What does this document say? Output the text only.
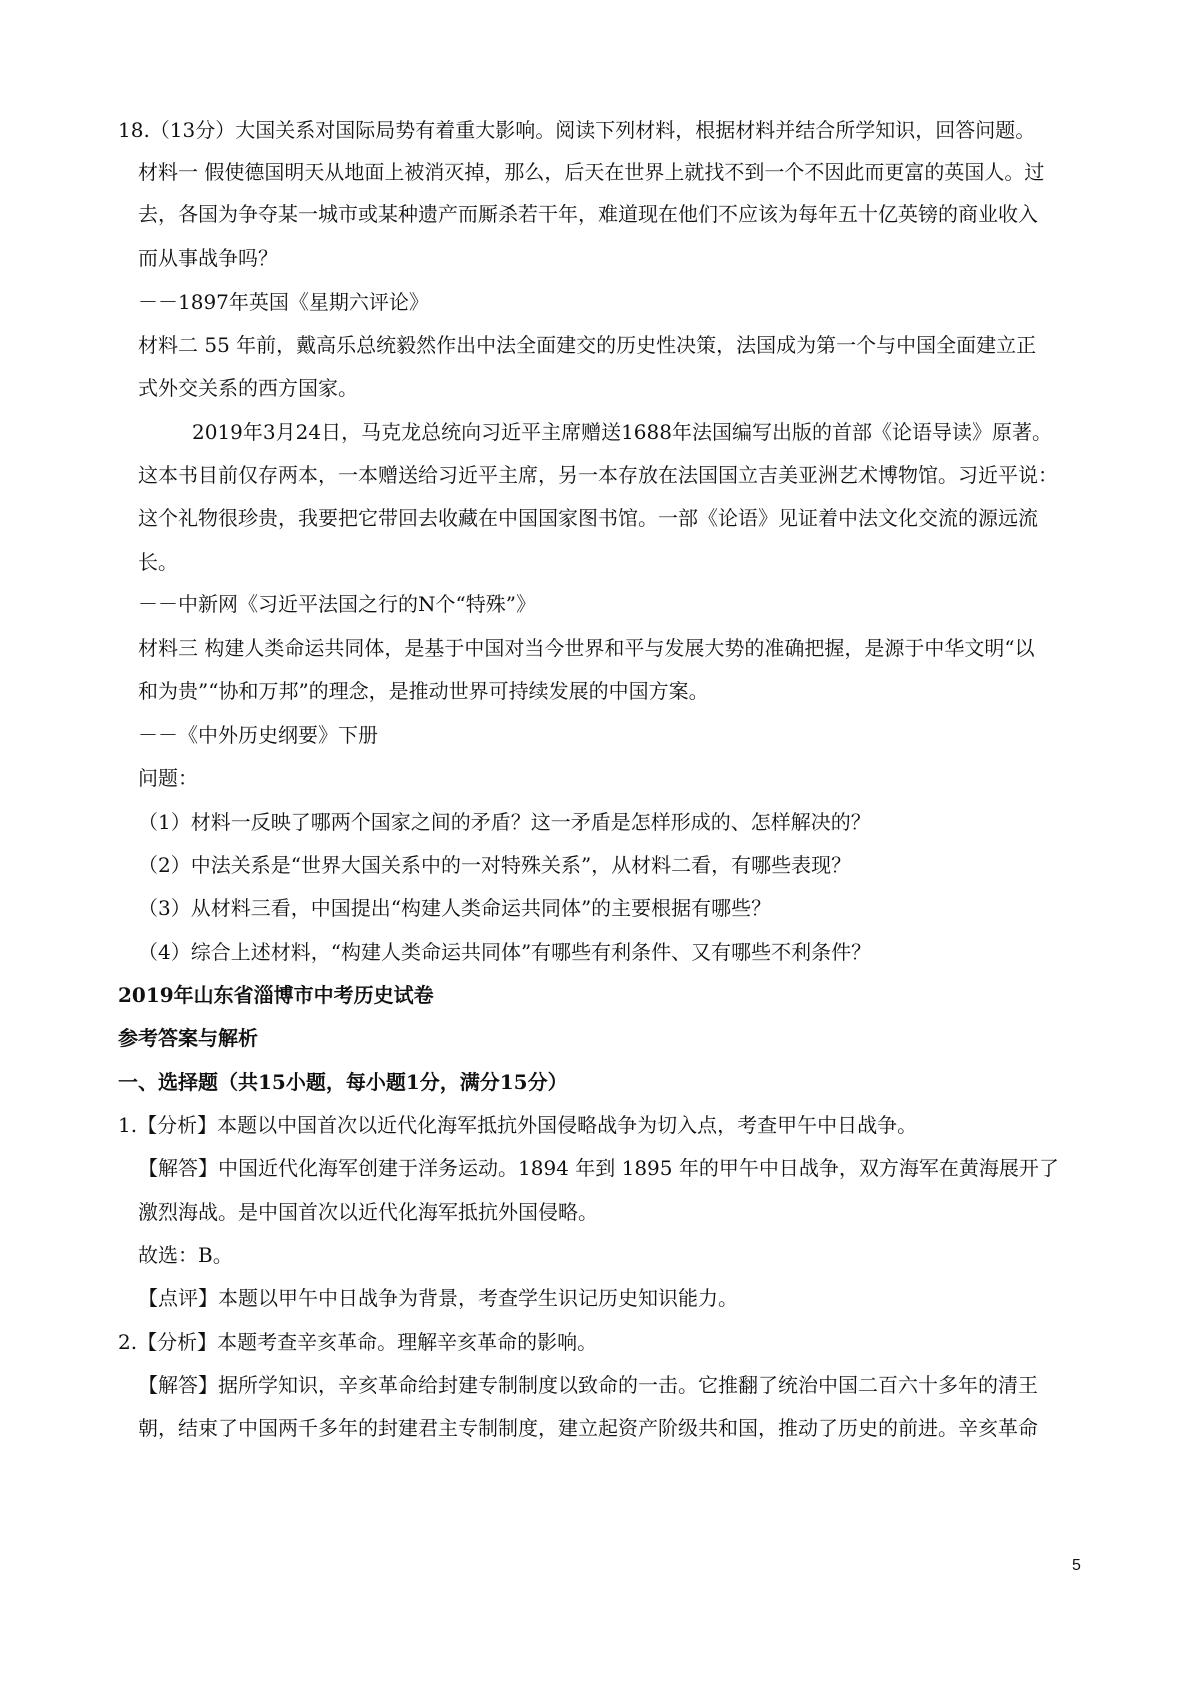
18.（13分）大国关系对国际局势有着重大影响。阅读下列材料，根据材料并结合所学知识，回答问题。
材料一 假使德国明天从地面上被消灭掉，那么，后天在世界上就找不到一个不因此而更富的英国人。过
去，各国为争夺某一城市或某种遗产而厮杀若干年，难道现在他们不应该为每年五十亿英镑的商业收入
而从事战争吗？
－－1897年英国《星期六评论》
材料二 55 年前，戴高乐总统毅然作出中法全面建交的历史性决策，法国成为第一个与中国全面建立正
式外交关系的西方国家。
2019年3月24日，马克龙总统向习近平主席赠送1688年法国编写出版的首部《论语导读》原著。
这本书目前仅存两本，一本赠送给习近平主席，另一本存放在法国国立吉美亚洲艺术博物馆。习近平说：
这个礼物很珍贵，我要把它带回去收藏在中国国家图书馆。一部《论语》见证着中法文化交流的源远流
长。
－－中新网《习近平法国之行的N个“特殊”》
材料三 构建人类命运共同体，是基于中国对当今世界和平与发展大势的准确把握，是源于中华文明“以
和为贵”“协和万邦”的理念，是推动世界可持续发展的中国方案。
－－《中外历史纲要》下册
问题：
（1）材料一反映了哪两个国家之间的矛盾？这一矛盾是怎样形成的、怎样解决的？
（2）中法关系是“世界大国关系中的一对特殊关系”，从材料二看，有哪些表现？
（3）从材料三看，中国提出“构建人类命运共同体”的主要根据有哪些？
（4）综合上述材料，“构建人类命运共同体”有哪些有利条件、又有哪些不利条件？
2019年山东省淄博市中考历史试卷
参考答案与解析
一、选择题（共15小题，每小题1分，满分15分）
1.【分析】本题以中国首次以近代化海军抵抗外国侵略战争为切入点，考查甲午中日战争。
【解答】中国近代化海军创建于洋务运动。1894 年到 1895 年的甲午中日战争，双方海军在黄海展开了
激烈海战。是中国首次以近代化海军抵抗外国侵略。
故选：B。
【点评】本题以甲午中日战争为背景，考查学生识记历史知识能力。
2.【分析】本题考查辛亥革命。理解辛亥革命的影响。
【解答】据所学知识，辛亥革命给封建专制制度以致命的一击。它推翻了统治中国二百六十多年的清王
朝，结束了中国两千多年的封建君主专制制度，建立起资产阶级共和国，推动了历史的前进。辛亥革命
5
